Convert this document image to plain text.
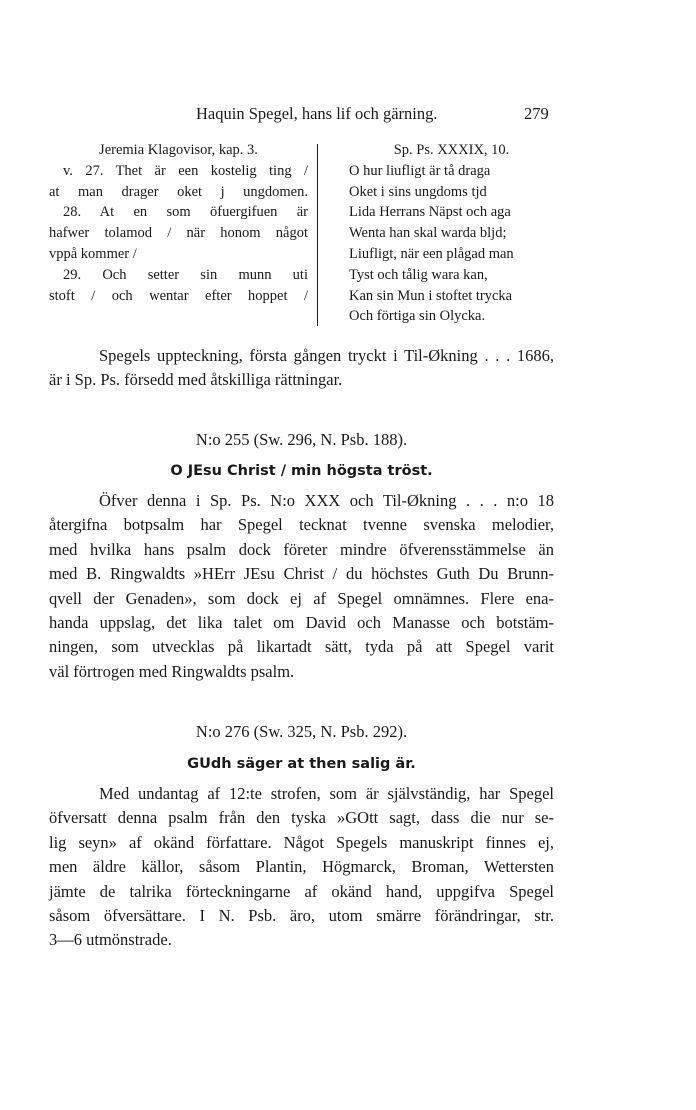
Haquin Spegel, hans lif och gärning.	279
Jeremia Klagovisor, kap. 3.
v. 27. Thet är een kostelig ting /
at man drager oket j ungdomen.
28. At en som öfuergifuen är
hafwer tolamod / när honom något
vppå kommer /
29. Och setter sin munn uti
stoft / och wentar efter hoppet /
Sp. Ps. XXXIX, 10.
O hur liufligt är tå draga
Oket i sins ungdoms tjd
Lida Herrans Näpst och aga
Wenta han skal warda bljd;
Liufligt, när een plågad man
Tyst och tålig wara kan,
Kan sin Mun i stoftet trycka
Och förtiga sin Olycka.
Spegels uppteckning, första gången tryckt i Til-Økning . . . 1686,
är i Sp. Ps. försedd med åtskilliga rättningar.
N:o 255 (Sw. 296, N. Psb. 188).
O JEsu Christ / min högsta tröst.
Öfver denna i Sp. Ps. N:o XXX och Til-Økning . . . n:o 18
återgifna botpsalm har Spegel tecknat tvenne svenska melodier,
med hvilka hans psalm dock företer mindre öfverensstämmelse än
med B. Ringwaldts »HErr JEsu Christ / du höchstes Guth Du Brunn-
qvell der Genaden», som dock ej af Spegel omnämnes. Flere ena-
handa uppslag, det lika talet om David och Manasse och botstäm-
ningen, som utvecklas på likartadt sätt, tyda på att Spegel varit
väl förtrogen med Ringwaldts psalm.
N:o 276 (Sw. 325, N. Psb. 292).
GUdh säger at then salig är.
Med undantag af 12:te strofen, som är självständig, har Spegel
öfversatt denna psalm från den tyska »GOtt sagt, dass die nur se-
lig seyn» af okänd författare. Något Spegels manuskript finnes ej,
men äldre källor, såsom Plantin, Högmarck, Broman, Wettersten
jämte de talrika förteckningarne af okänd hand, uppgifva Spegel
såsom öfversättare. I N. Psb. äro, utom smärre förändringar, str.
3—6 utmönstrade.
